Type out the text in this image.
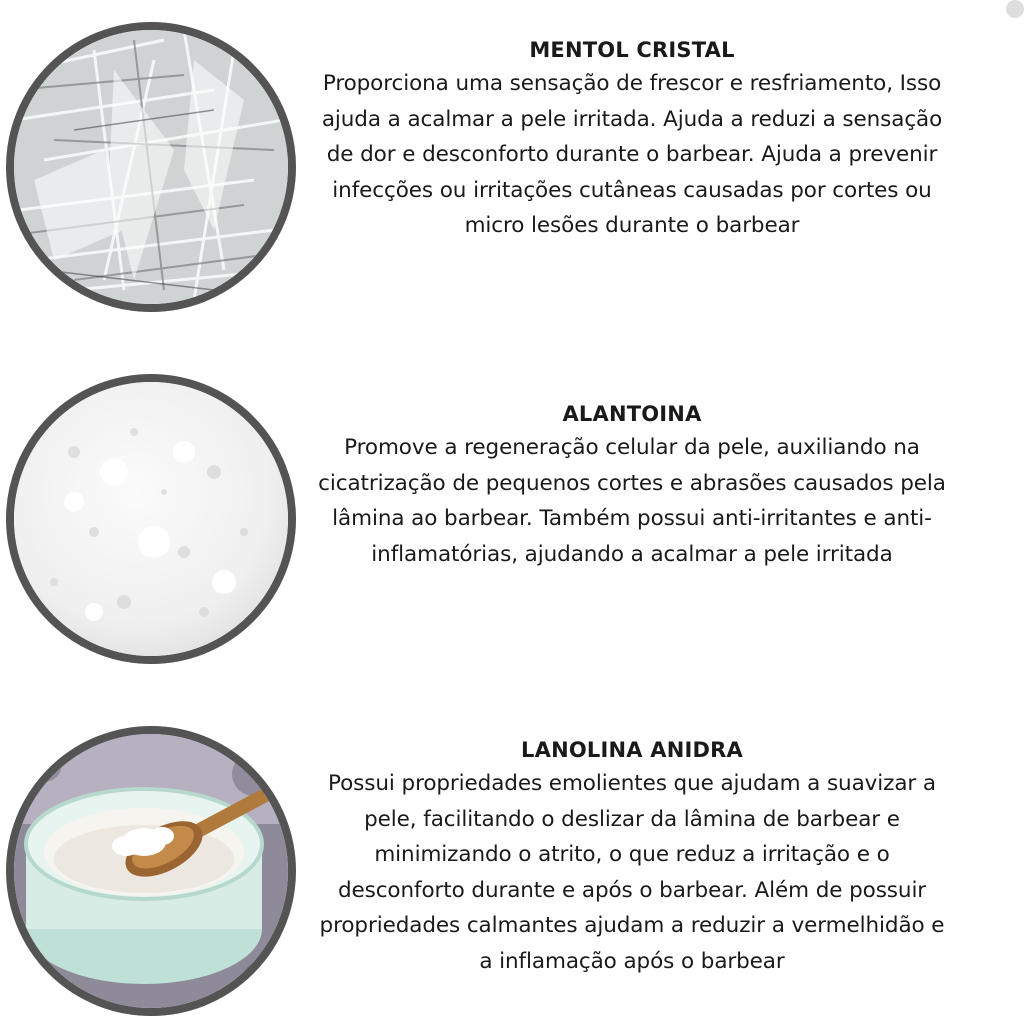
MENTOL CRISTAL

Proporciona uma sensação de frescor e resfriamento, Isso ajuda a acalmar a pele irritada. Ajuda a reduzi a sensação de dor e desconforto durante o barbear. Ajuda a prevenir infecções ou irritações cutâneas causadas por cortes ou micro lesões durante o barbear

ALANTOINA

Promove a regeneração celular da pele, auxiliando na cicatrização de pequenos cortes e abrasões causados pela lâmina ao barbear. Também possui anti-irritantes e anti-inflamatórias, ajudando a acalmar a pele irritada

LANOLINA ANIDRA

Possui propriedades emolientes que ajudam a suavizar a pele, facilitando o deslizar da lâmina de barbear e minimizando o atrito, o que reduz a irritação e o desconforto durante e após o barbear. Além de possuir propriedades calmantes ajudam a reduzir a vermelhidão e a inflamação após o barbear
